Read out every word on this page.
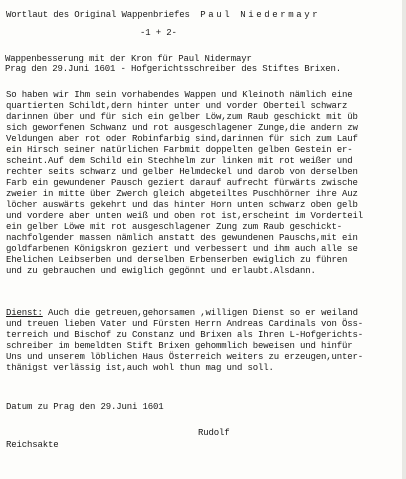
Wortlaut des Original Wappenbriefes Paul Niedermayr

-1 + 2-

Wappenbesserung mit der Kron für Paul Nidermayr

Prag den 29.Juni 1601 - Hofgerichtsschreiber des Stiftes Brixen.

So haben wir Ihm sein vorhabendes Wappen und Kleinoth nämlich eine

quartierten Schildt,dern hinter unter und vorder Oberteil schwarz

darinnen über und für sich ein gelber Löw,zum Raub geschickt mit üb

sich geworfenen Schwanz und rot ausgeschlagener Zunge,die andern zw

Veldungen aber rot oder Robinfarbig sind,darinnen für sich zum Lauf

ein Hirsch seiner natürlichen Farbmit doppelten gelben Gestein er-

scheint.Auf dem Schild ein Stechhelm zur linken mit rot weißer und

rechter seits schwarz und gelber Helmdeckel und darob von derselben

Farb ein gewundener Pausch geziert darauf aufrecht fürwärts zwische

zweier in mitte über Zwerch gleich abgeteiltes Puschhörner ihre Auz

löcher auswärts gekehrt und das hinter Horn unten schwarz oben gelb

und vordere aber unten weiß und oben rot ist,erscheint im Vorderteil

ein gelber Löwe mit rot ausgeschlagener Zung zum Raub geschickt-

nachfolgender massen nämlich anstatt des gewundenen Pauschs,mit ein

goldfarbenen Königskron geziert und verbessert und ihm auch alle se

Ehelichen Leibserben und derselben Erbenserben ewiglich zu führen

und zu gebrauchen und ewiglich gegönnt und erlaubt.Alsdann.

Dienst: Auch die getreuen,gehorsamen ,willigen Dienst so er weiland

und treuen lieben Vater und Fürsten Herrn Andreas Cardinals von Öss-

terreich und Bischof zu Constanz und Brixen als Ihren L-Hofgerichts-

schreiber im bemeldten Stift Brixen gehommlich beweisen und hinfür

Uns und unserem löblichen Haus Österreich weiters zu erzeugen,unter-

thänigst verlässig ist,auch wohl thun mag und soll.

Datum zu Prag den 29.Juni 1601

Rudolf

Reichsakte
